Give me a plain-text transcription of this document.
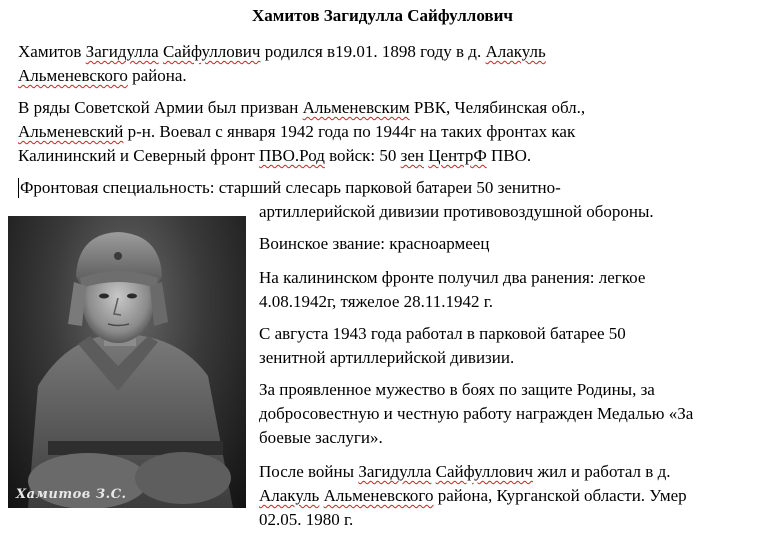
Хамитов Загидулла Сайфуллович
Хамитов Загидулла Сайфуллович родился в19.01. 1898 году в д. Алакуль
Альменевского района.
В ряды Советской Армии был призван Альменевским РВК, Челябинская обл.,
Альменевский р-н. Воевал с января 1942 года по 1944г на таких фронтах как
Калининский и Северный фронт ПВО.Род войск: 50 зен ЦентрФ ПВО.
Фронтовая специальность: старший слесарь парковой батареи 50 зенитно-
артиллерийской дивизии противовоздушной обороны.
Хамитов З.С.
Воинское звание: красноармеец
На калининском фронте получил два ранения: легкое
4.08.1942г, тяжелое 28.11.1942 г.
С августа 1943 года работал в парковой батарее 50
зенитной артиллерийской дивизии.
За проявленное мужество в боях по защите Родины, за
добросовестную и честную работу награжден Медалью «За
боевые заслуги».
После войны Загидулла Сайфуллович жил и работал в д.
Алакуль Альменевского района, Курганской области. Умер
02.05. 1980 г.
